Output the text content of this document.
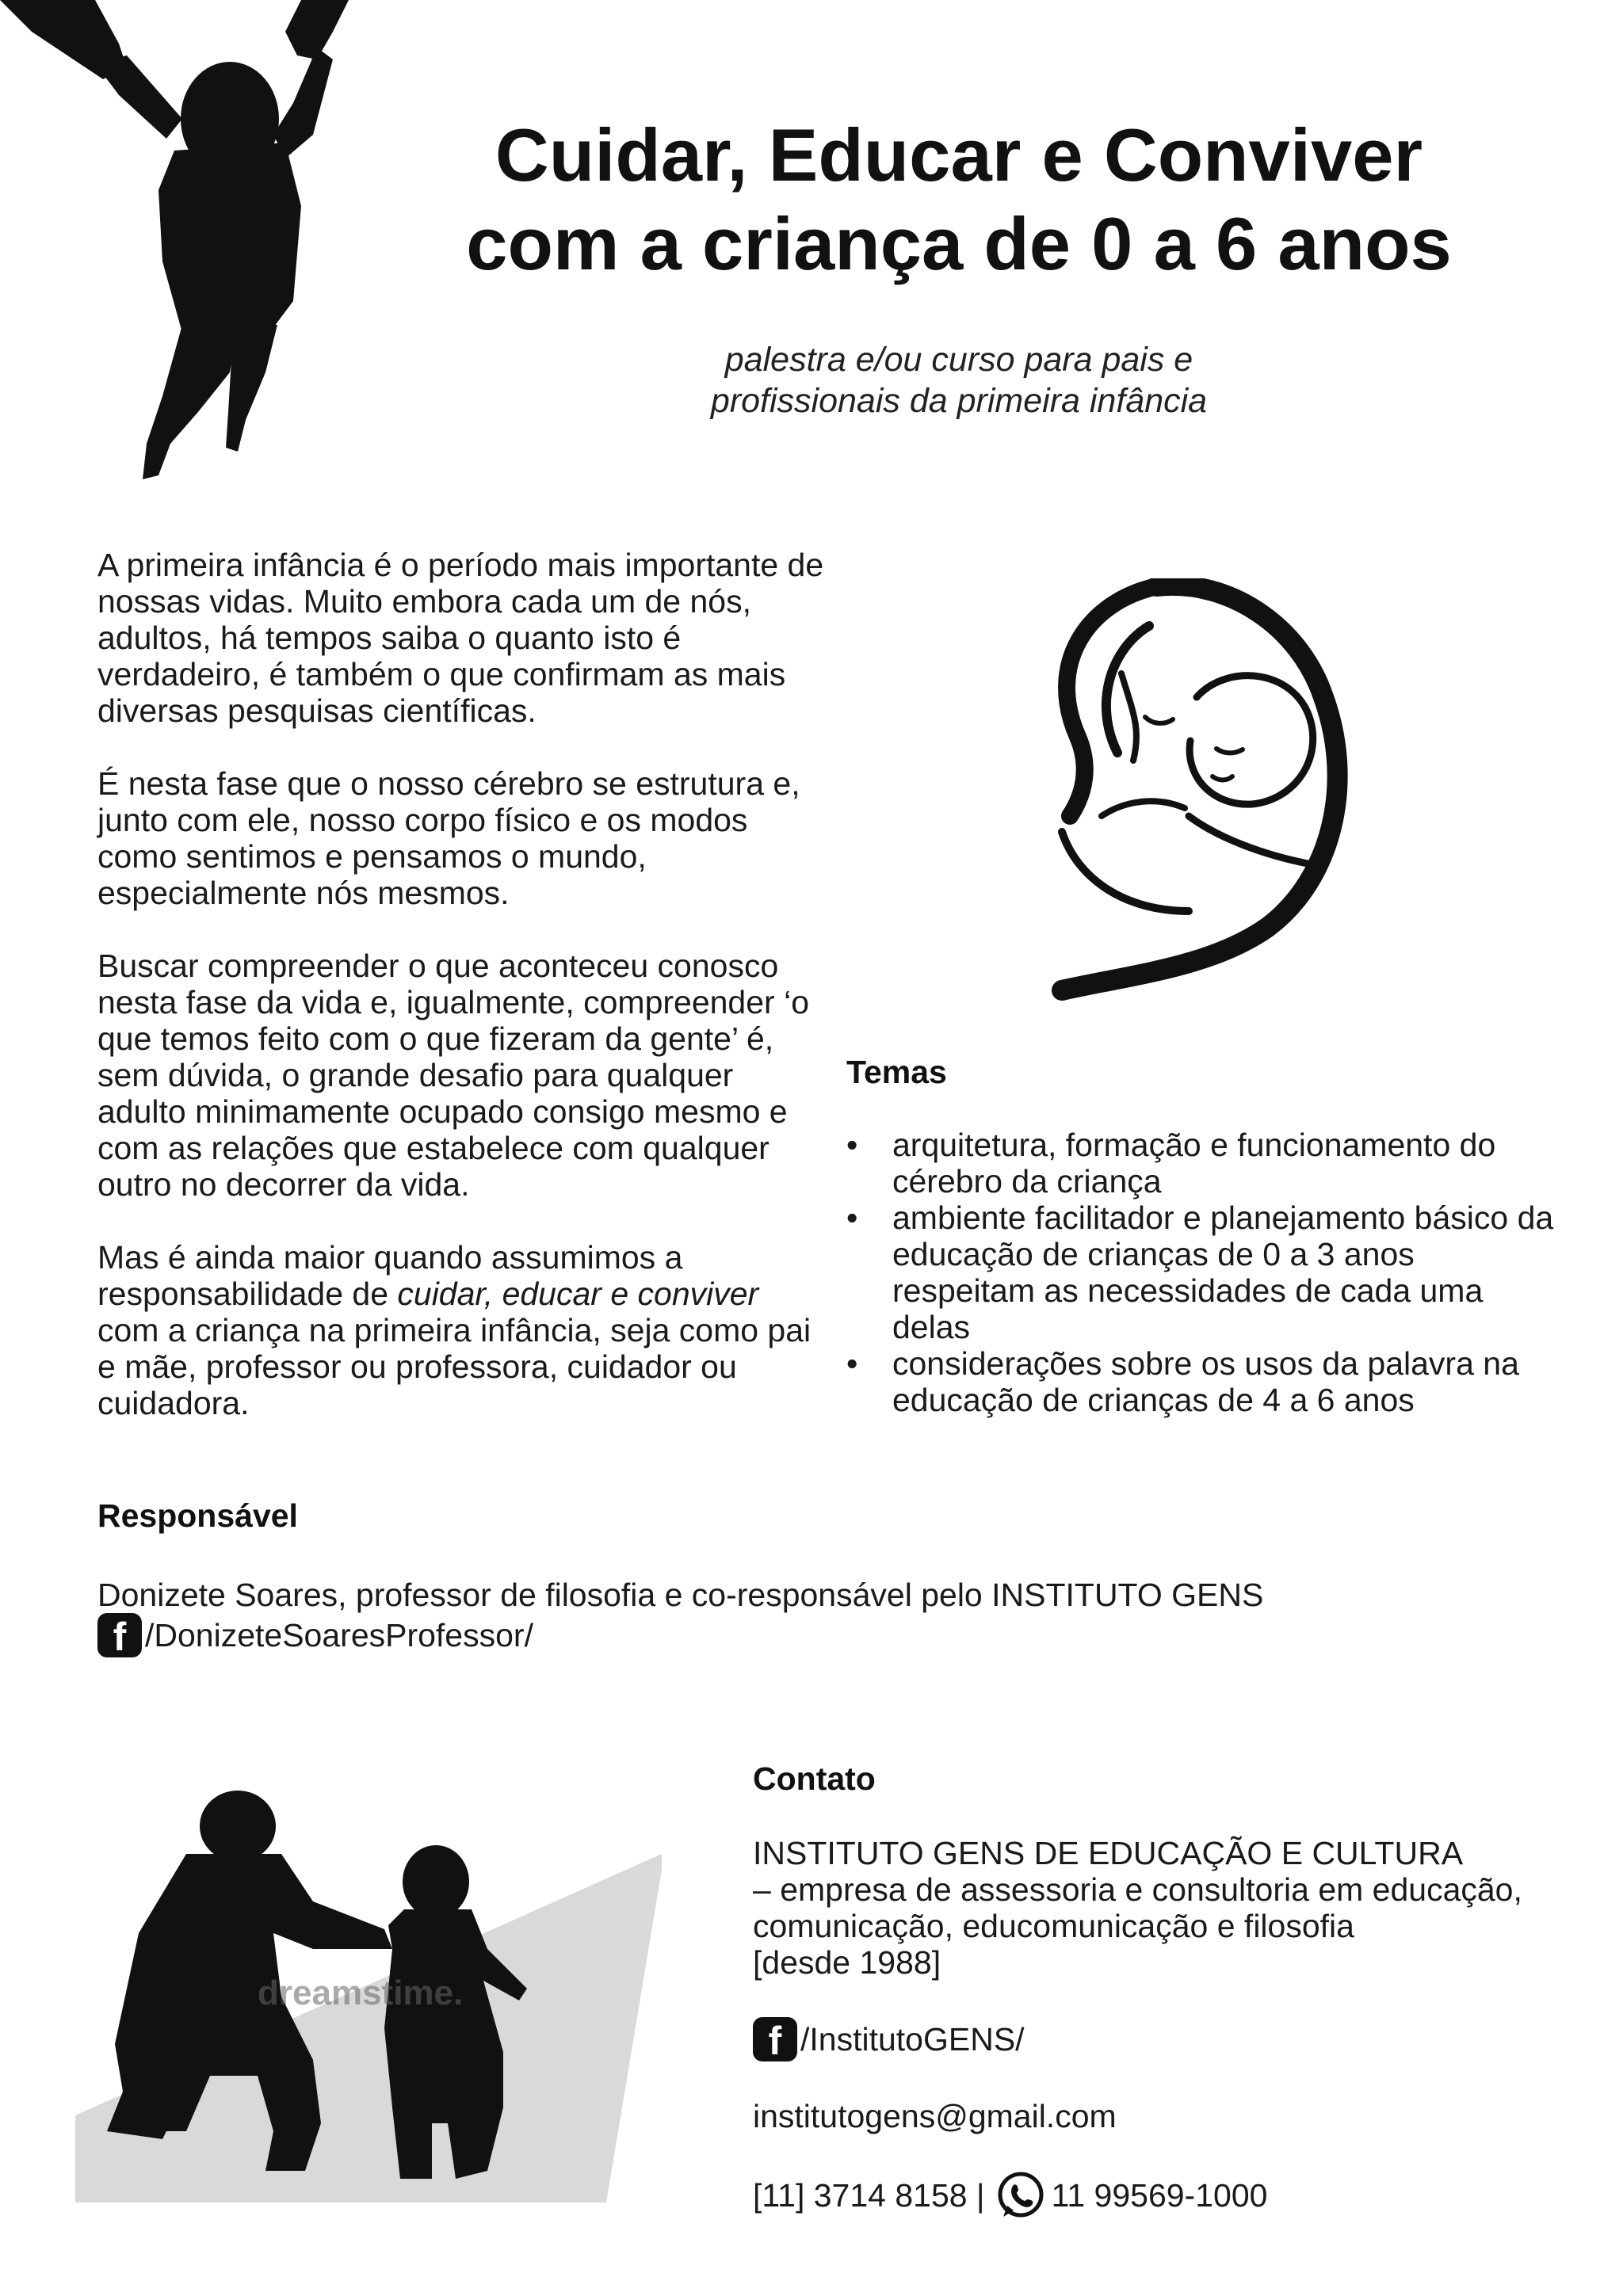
Cuidar, Educar e Conviver
com a criança de 0 a 6 anos
palestra e/ou curso para pais e
profissionais da primeira infância

A primeira infância é o período mais importante de nossas vidas. Muito embora cada um de nós, adultos, há tempos saiba o quanto isto é verdadeiro, é também o que confirmam as mais diversas pesquisas científicas.

É nesta fase que o nosso cérebro se estrutura e, junto com ele, nosso corpo físico e os modos como sentimos e pensamos o mundo, especialmente nós mesmos.

Buscar compreender o que aconteceu conosco nesta fase da vida e, igualmente, compreender ‘o que temos feito com o que fizeram da gente’ é, sem dúvida, o grande desafio para qualquer adulto minimamente ocupado consigo mesmo e com as relações que estabelece com qualquer outro no decorrer da vida.

Mas é ainda maior quando assumimos a responsabilidade de cuidar, educar e conviver com a criança na primeira infância, seja como pai e mãe, professor ou professora, cuidador ou cuidadora.

Temas
• arquitetura, formação e funcionamento do cérebro da criança
• ambiente facilitador e planejamento básico da educação de crianças de 0 a 3 anos respeitam as necessidades de cada uma delas
• considerações sobre os usos da palavra na educação de crianças de 4 a 6 anos
Responsável
Donizete Soares, professor de filosofia e co-responsável pelo INSTITUTO GENS
f /DonizeteSoaresProfessor/
dreamstime.
Contato
INSTITUTO GENS DE EDUCAÇÃO E CULTURA
– empresa de assessoria e consultoria em educação,
comunicação, educomunicação e filosofia
[desde 1988]
f /InstitutoGENS/
institutogens@gmail.com
[11] 3714 8158 | 11 99569-1000
